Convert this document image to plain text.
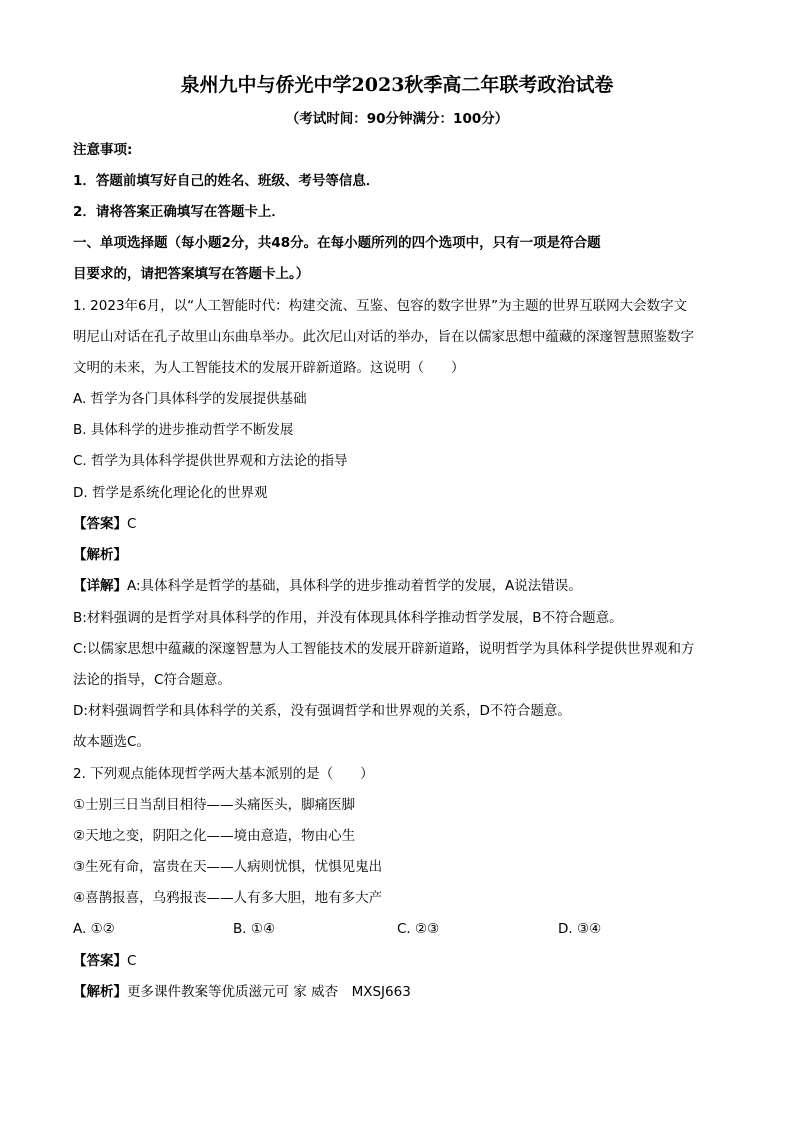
泉州九中与侨光中学2023秋季高二年联考政治试卷
（考试时间：90分钟满分：100分）
注意事项:
1．答题前填写好自己的姓名、班级、考号等信息．
2．请将答案正确填写在答题卡上．
一、单项选择题（每小题2分，共48分。在每小题所列的四个选项中，只有一项是符合题
目要求的，请把答案填写在答题卡上。）
1. 2023年6月，以“人工智能时代：构建交流、互鉴、包容的数字世界”为主题的世界互联网大会数字文
明尼山对话在孔子故里山东曲阜举办。此次尼山对话的举办，旨在以儒家思想中蕴藏的深邃智慧照鉴数字
文明的未来，为人工智能技术的发展开辟新道路。这说明（　　）
A. 哲学为各门具体科学的发展提供基础
B. 具体科学的进步推动哲学不断发展
C. 哲学为具体科学提供世界观和方法论的指导
D. 哲学是系统化理论化的世界观
【答案】C
【解析】
【详解】A:具体科学是哲学的基础，具体科学的进步推动着哲学的发展，A说法错误。
B:材料强调的是哲学对具体科学的作用，并没有体现具体科学推动哲学发展，B不符合题意。
C:以儒家思想中蕴藏的深邃智慧为人工智能技术的发展开辟新道路，说明哲学为具体科学提供世界观和方
法论的指导，C符合题意。
D:材料强调哲学和具体科学的关系，没有强调哲学和世界观的关系，D不符合题意。
故本题选C。
2. 下列观点能体现哲学两大基本派别的是（　　）
①士别三日当刮目相待——头痛医头，脚痛医脚
②天地之变，阴阳之化——境由意造，物由心生
③生死有命，富贵在天——人病则忧惧，忧惧见鬼出
④喜鹊报喜，乌鸦报丧——人有多大胆，地有多大产
A. ①②	B. ①④	C. ②③	D. ③④
【答案】C
【解析】更多课件教案等优质滋元可 家 威杏　MXSJ663
